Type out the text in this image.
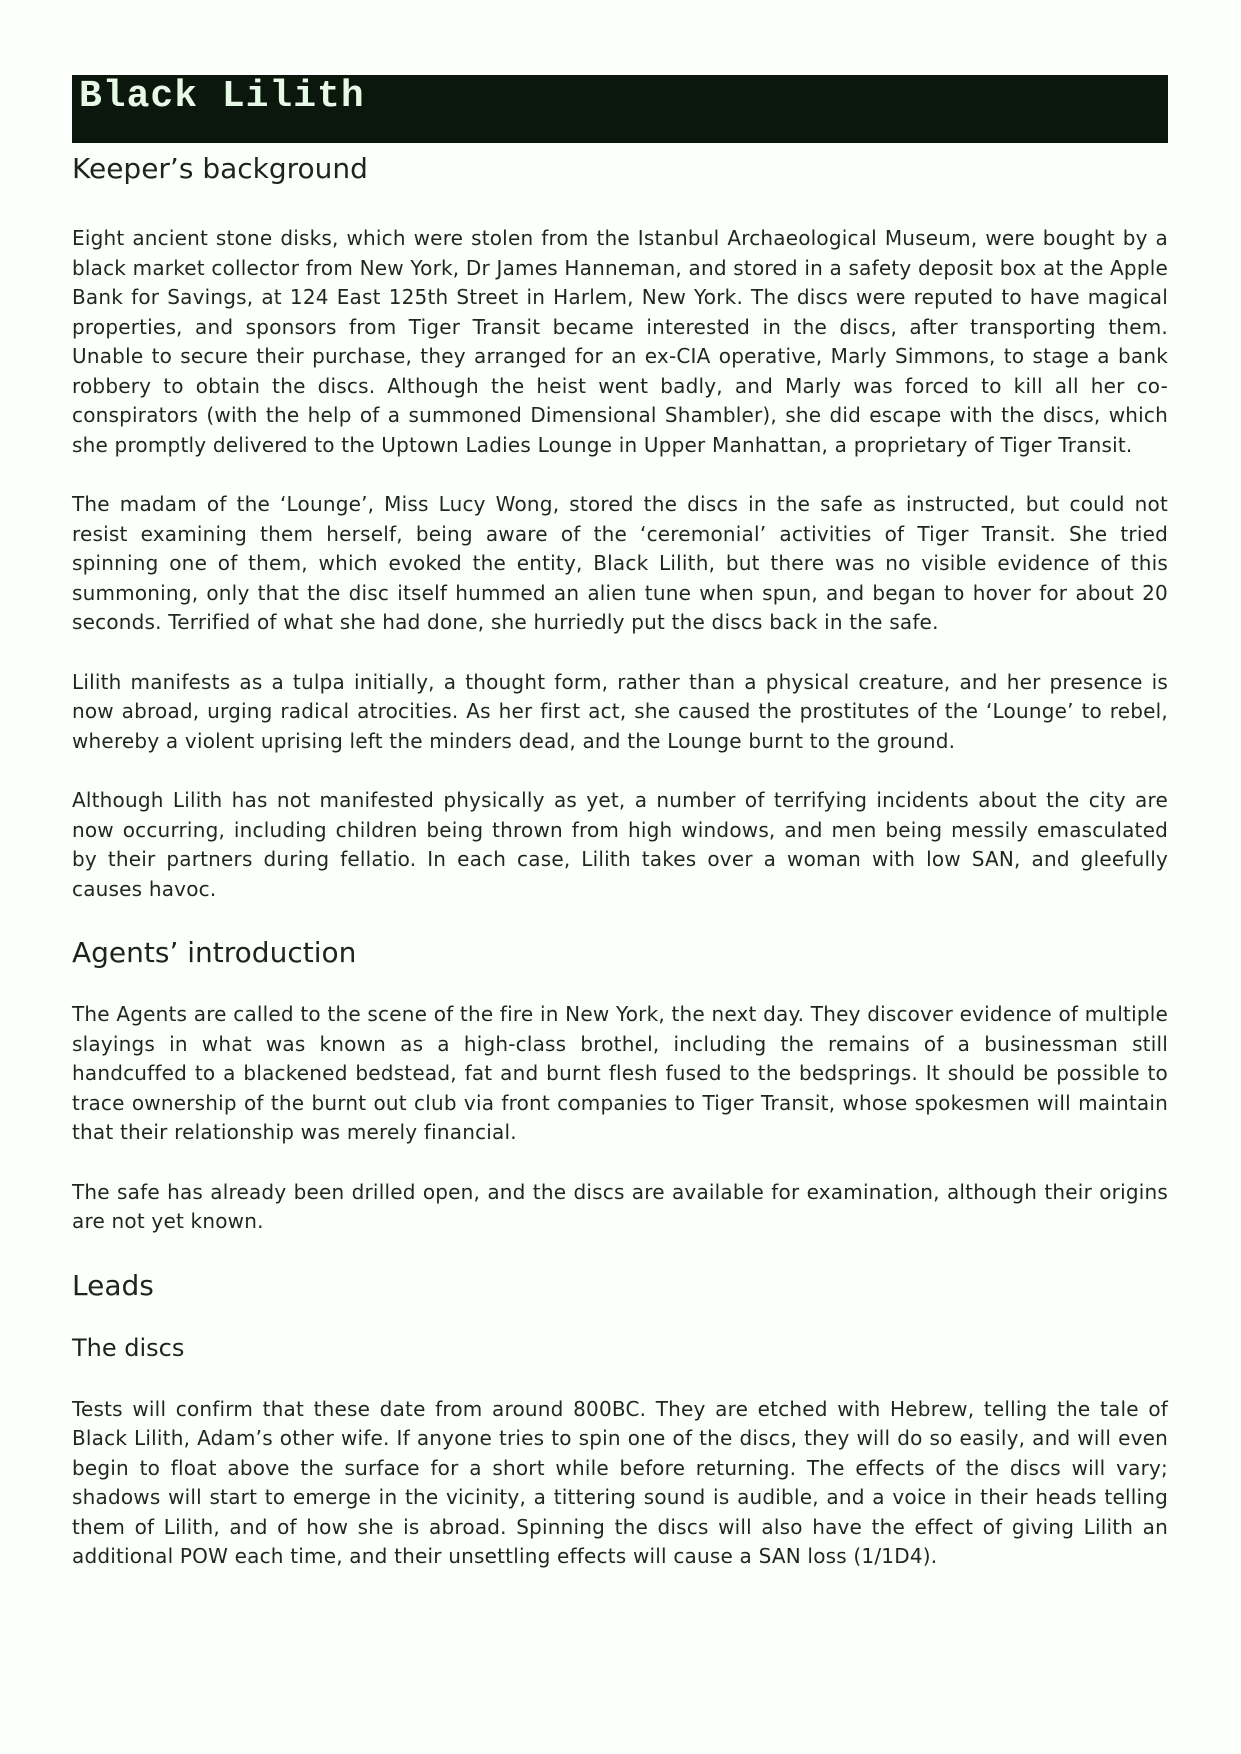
Black Lilith
Keeper’s background

Eight ancient stone disks, which were stolen from the Istanbul Archaeological Museum, were bought by a black market collector from New York, Dr James Hanneman, and stored in a safety deposit box at the Apple Bank for Savings, at 124 East 125th Street in Harlem, New York. The discs were reputed to have magical properties, and sponsors from Tiger Transit became interested in the discs, after transporting them. Unable to secure their purchase, they arranged for an ex-CIA operative, Marly Simmons, to stage a bank robbery to obtain the discs. Although the heist went badly, and Marly was forced to kill all her co-conspirators (with the help of a summoned Dimensional Shambler), she did escape with the discs, which she promptly delivered to the Uptown Ladies Lounge in Upper Manhattan, a proprietary of Tiger Transit.

The madam of the ‘Lounge’, Miss Lucy Wong, stored the discs in the safe as instructed, but could not resist examining them herself, being aware of the ‘ceremonial’ activities of Tiger Transit. She tried spinning one of them, which evoked the entity, Black Lilith, but there was no visible evidence of this summoning, only that the disc itself hummed an alien tune when spun, and began to hover for about 20 seconds. Terrified of what she had done, she hurriedly put the discs back in the safe.

Lilith manifests as a tulpa initially, a thought form, rather than a physical creature, and her presence is now abroad, urging radical atrocities. As her first act, she caused the prostitutes of the ‘Lounge’ to rebel, whereby a violent uprising left the minders dead, and the Lounge burnt to the ground.

Although Lilith has not manifested physically as yet, a number of terrifying incidents about the city are now occurring, including children being thrown from high windows, and men being messily emasculated by their partners during fellatio. In each case, Lilith takes over a woman with low SAN, and gleefully causes havoc.

Agents’ introduction

The Agents are called to the scene of the fire in New York, the next day. They discover evidence of multiple slayings in what was known as a high-class brothel, including the remains of a businessman still handcuffed to a blackened bedstead, fat and burnt flesh fused to the bedsprings. It should be possible to trace ownership of the burnt out club via front companies to Tiger Transit, whose spokesmen will maintain that their relationship was merely financial.

The safe has already been drilled open, and the discs are available for examination, although their origins are not yet known.

Leads
The discs

Tests will confirm that these date from around 800BC. They are etched with Hebrew, telling the tale of Black Lilith, Adam’s other wife. If anyone tries to spin one of the discs, they will do so easily, and will even begin to float above the surface for a short while before returning. The effects of the discs will vary; shadows will start to emerge in the vicinity, a tittering sound is audible, and a voice in their heads telling them of Lilith, and of how she is abroad. Spinning the discs will also have the effect of giving Lilith an additional POW each time, and their unsettling effects will cause a SAN loss (1/1D4).
